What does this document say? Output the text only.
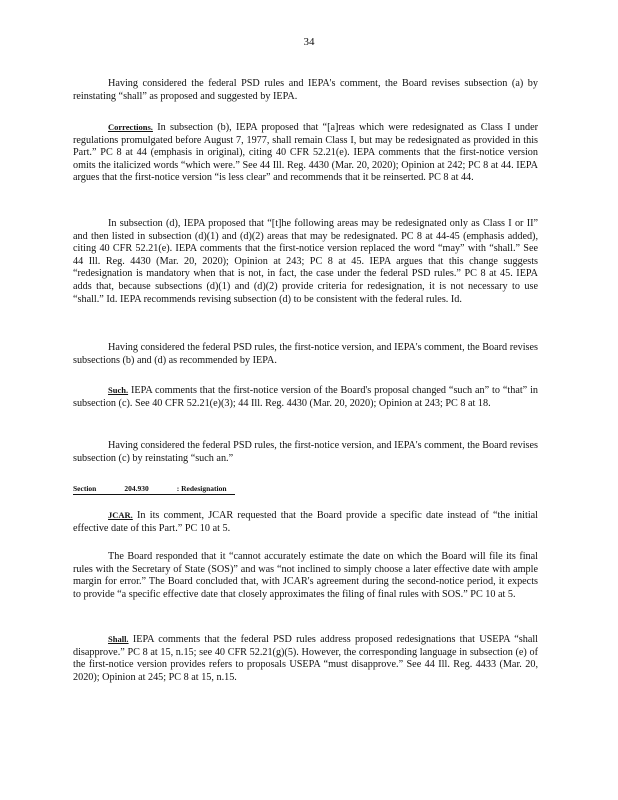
34

Having considered the federal PSD rules and IEPA's comment, the Board revises subsection (a) by reinstating “shall” as proposed and suggested by IEPA.

Corrections. In subsection (b), IEPA proposed that “[a]reas which were redesignated as Class I under regulations promulgated before August 7, 1977, shall remain Class I, but may be redesignated as provided in this Part.” PC 8 at 44 (emphasis in original), citing 40 CFR 52.21(e). IEPA comments that the first-notice version omits the italicized words “which were.” See 44 Ill. Reg. 4430 (Mar. 20, 2020); Opinion at 242; PC 8 at 44. IEPA argues that the first-notice version “is less clear” and recommends that it be reinserted. PC 8 at 44.

In subsection (d), IEPA proposed that “[t]he following areas may be redesignated only as Class I or II” and then listed in subsection (d)(1) and (d)(2) areas that may be redesignated. PC 8 at 44-45 (emphasis added), citing 40 CFR 52.21(e). IEPA comments that the first-notice version replaced the word “may” with “shall.” See 44 Ill. Reg. 4430 (Mar. 20, 2020); Opinion at 243; PC 8 at 45. IEPA argues that this change suggests “redesignation is mandatory when that is not, in fact, the case under the federal PSD rules.” PC 8 at 45. IEPA adds that, because subsections (d)(1) and (d)(2) provide criteria for redesignation, it is not necessary to use “shall.” Id. IEPA recommends revising subsection (d) to be consistent with the federal rules. Id.

Having considered the federal PSD rules, the first-notice version, and IEPA's comment, the Board revises subsections (b) and (d) as recommended by IEPA.

Such. IEPA comments that the first-notice version of the Board's proposal changed “such an” to “that” in subsection (c). See 40 CFR 52.21(e)(3); 44 Ill. Reg. 4430 (Mar. 20, 2020); Opinion at 243; PC 8 at 18.

Having considered the federal PSD rules, the first-notice version, and IEPA's comment, the Board revises subsection (c) by reinstating “such an.”

Section	204.930	: Redesignation

JCAR. In its comment, JCAR requested that the Board provide a specific date instead of “the initial effective date of this Part.” PC 10 at 5.

The Board responded that it “cannot accurately estimate the date on which the Board will file its final rules with the Secretary of State (SOS)” and was “not inclined to simply choose a later effective date with ample margin for error.” The Board concluded that, with JCAR's agreement during the second-notice period, it expects to provide “a specific effective date that closely approximates the filing of final rules with SOS.” PC 10 at 5.

Shall. IEPA comments that the federal PSD rules address proposed redesignations that USEPA “shall disapprove.” PC 8 at 15, n.15; see 40 CFR 52.21(g)(5). However, the corresponding language in subsection (e) of the first-notice version provides refers to proposals USEPA “must disapprove.” See 44 Ill. Reg. 4433 (Mar. 20, 2020); Opinion at 245; PC 8 at 15, n.15.
